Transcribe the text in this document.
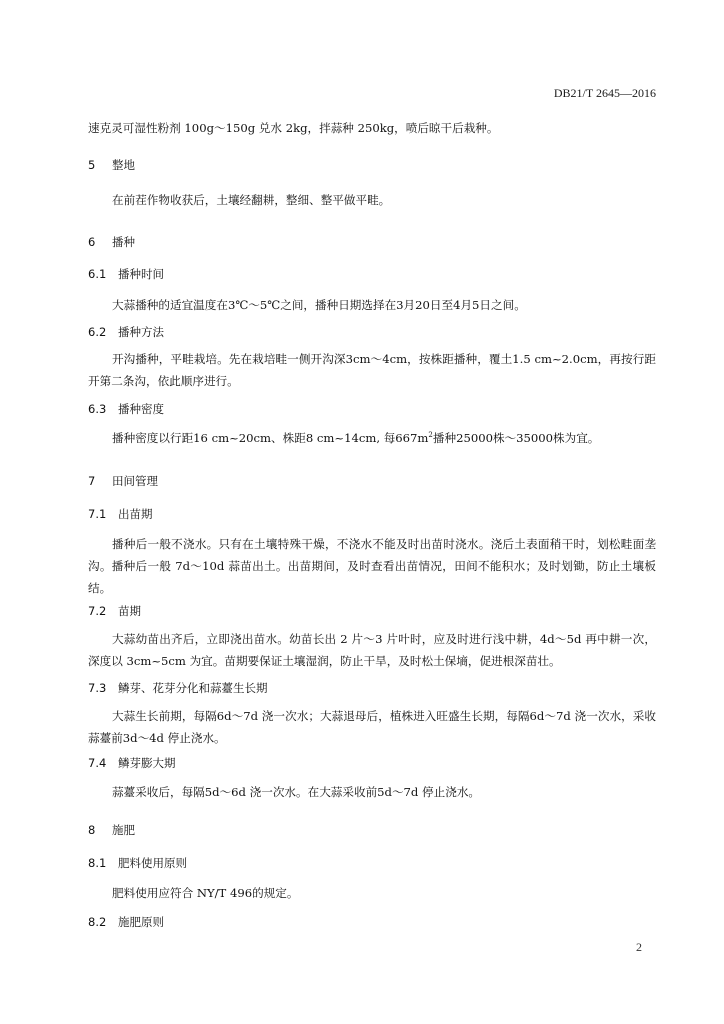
DB21/T 2645—2016

速克灵可湿性粉剂 100g～150g 兑水 2kg，拌蒜种 250kg，喷后晾干后栽种。

5 整地

在前茬作物收获后，土壤经翻耕，整细、整平做平畦。

6 播种

6.1 播种时间

大蒜播种的适宜温度在3℃～5℃之间，播种日期选择在3月20日至4月5日之间。

6.2 播种方法

开沟播种，平畦栽培。先在栽培畦一侧开沟深3cm～4cm，按株距播种，覆土1.5 cm~2.0cm，再按行距开第二条沟，依此顺序进行。

6.3 播种密度

播种密度以行距16 cm~20cm、株距8 cm~14cm, 每$667m^2$播种25000株～35000株为宜。

7 田间管理

7.1 出苗期

播种后一般不浇水。只有在土壤特殊干燥，不浇水不能及时出苗时浇水。浇后土表面稍干时，划松畦面垄沟。播种后一般 7d～10d 蒜苗出土。出苗期间，及时查看出苗情况，田间不能积水；及时划锄，防止土壤板结。

7.2 苗期

大蒜幼苗出齐后，立即浇出苗水。幼苗长出 2 片～3 片叶时，应及时进行浅中耕，4d～5d 再中耕一次，深度以 3cm~5cm 为宜。苗期要保证土壤湿润，防止干旱，及时松土保墒，促进根深苗壮。

7.3 鳞芽、花芽分化和蒜薹生长期

大蒜生长前期，每隔6d～7d 浇一次水；大蒜退母后，植株进入旺盛生长期，每隔6d～7d 浇一次水，采收蒜薹前3d～4d 停止浇水。

7.4 鳞芽膨大期

蒜薹采收后，每隔5d～6d 浇一次水。在大蒜采收前5d～7d 停止浇水。

8 施肥

8.1 肥料使用原则

肥料使用应符合 NY/T 496的规定。

8.2 施肥原则

2
